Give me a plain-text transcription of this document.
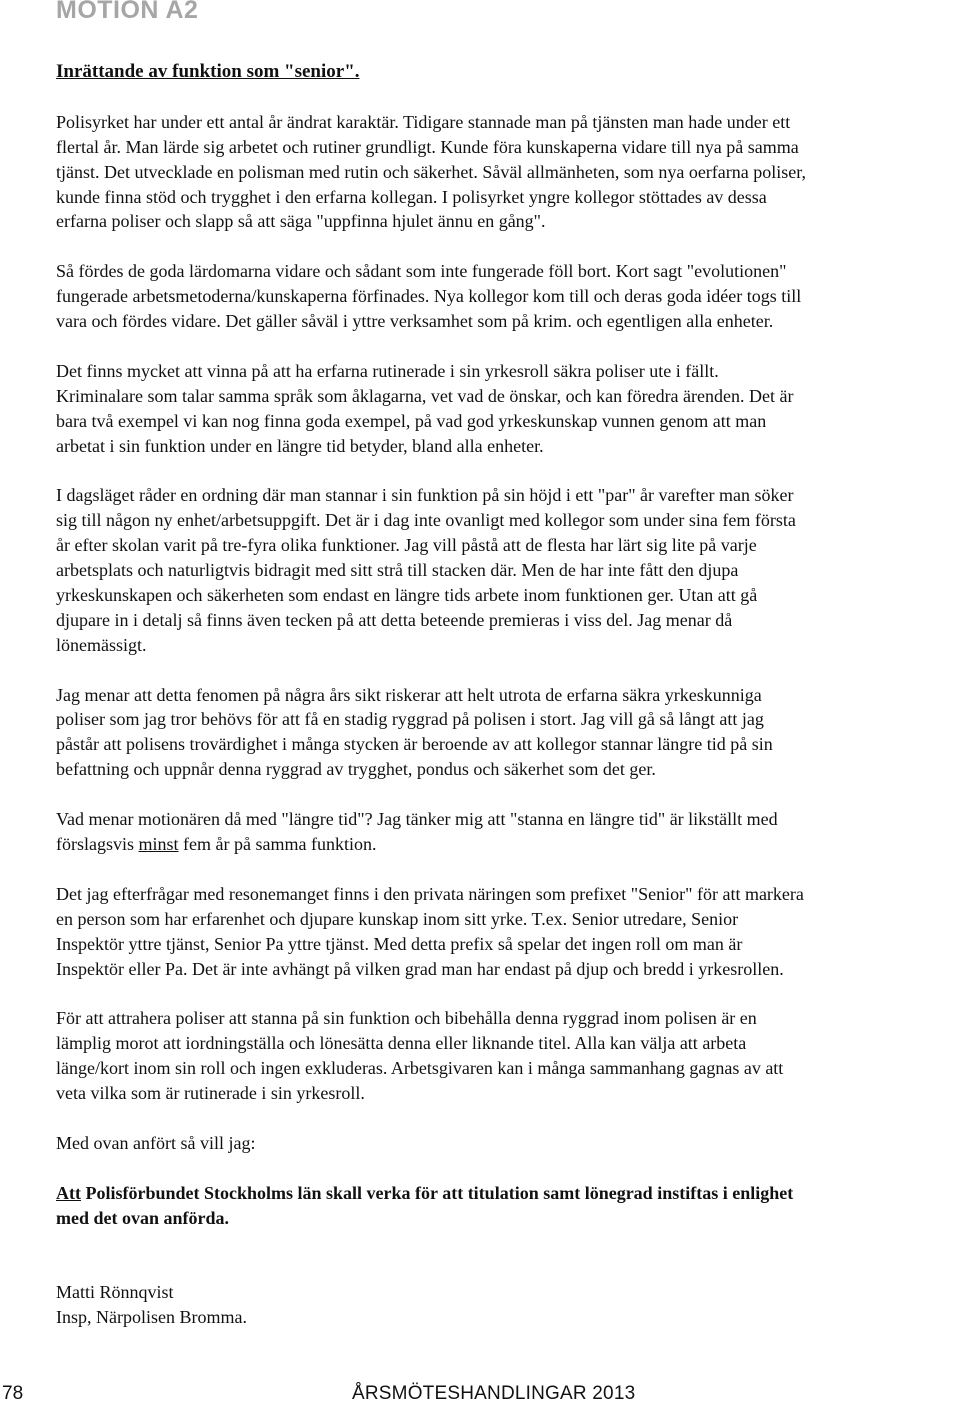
MOTION A2
Inrättande av funktion som "senior".
Polisyrket har under ett antal år ändrat karaktär. Tidigare stannade man på tjänsten man hade under ett
flertal år. Man lärde sig arbetet och rutiner grundligt. Kunde föra kunskaperna vidare till nya på samma
tjänst. Det utvecklade en polisman med rutin och säkerhet. Såväl allmänheten, som nya oerfarna poliser,
kunde finna stöd och trygghet i den erfarna kollegan. I polisyrket yngre kollegor stöttades av dessa
erfarna poliser och slapp så att säga "uppfinna hjulet ännu en gång".
Så fördes de goda lärdomarna vidare och sådant som inte fungerade föll bort. Kort sagt "evolutionen"
fungerade arbetsmetoderna/kunskaperna förfinades. Nya kollegor kom till och deras goda idéer togs till
vara och fördes vidare. Det gäller såväl i yttre verksamhet som på krim. och egentligen alla enheter.
Det finns mycket att vinna på att ha erfarna rutinerade i sin yrkesroll säkra poliser ute i fällt.
Kriminalare som talar samma språk som åklagarna, vet vad de önskar, och kan föredra ärenden. Det är
bara två exempel vi kan nog finna goda exempel, på vad god yrkeskunskap vunnen genom att man
arbetat i sin funktion under en längre tid betyder, bland alla enheter.
I dagsläget råder en ordning där man stannar i sin funktion på sin höjd i ett "par" år varefter man söker
sig till någon ny enhet/arbetsuppgift. Det är i dag inte ovanligt med kollegor som under sina fem första
år efter skolan varit på tre-fyra olika funktioner. Jag vill påstå att de flesta har lärt sig lite på varje
arbetsplats och naturligtvis bidragit med sitt strå till stacken där. Men de har inte fått den djupa
yrkeskunskapen och säkerheten som endast en längre tids arbete inom funktionen ger. Utan att gå
djupare in i detalj så finns även tecken på att detta beteende premieras i viss del. Jag menar då
lönemässigt.
Jag menar att detta fenomen på några års sikt riskerar att helt utrota de erfarna säkra yrkeskunniga
poliser som jag tror behövs för att få en stadig ryggrad på polisen i stort. Jag vill gå så långt att jag
påstår att polisens trovärdighet i många stycken är beroende av att kollegor stannar längre tid på sin
befattning och uppnår denna ryggrad av trygghet, pondus och säkerhet som det ger.
Vad menar motionären då med "längre tid"? Jag tänker mig att "stanna en längre tid" är likställt med
förslagsvis minst fem år på samma funktion.
Det jag efterfrågar med resonemanget finns i den privata näringen som prefixet "Senior" för att markera
en person som har erfarenhet och djupare kunskap inom sitt yrke. T.ex. Senior utredare, Senior
Inspektör yttre tjänst, Senior Pa yttre tjänst. Med detta prefix så spelar det ingen roll om man är
Inspektör eller Pa. Det är inte avhängt på vilken grad man har endast på djup och bredd i yrkesrollen.
För att attrahera poliser att stanna på sin funktion och bibehålla denna ryggrad inom polisen är en
lämplig morot att iordningställa och lönesätta denna eller liknande titel. Alla kan välja att arbeta
länge/kort inom sin roll och ingen exkluderas. Arbetsgivaren kan i många sammanhang gagnas av att
veta vilka som är rutinerade i sin yrkesroll.
Med ovan anfört så vill jag:
Att Polisförbundet Stockholms län skall verka för att titulation samt lönegrad instiftas i enlighet
med det ovan anförda.
Matti Rönnqvist
Insp, Närpolisen Bromma.
78	ÅRSMÖTESHANDLINGAR 2013
